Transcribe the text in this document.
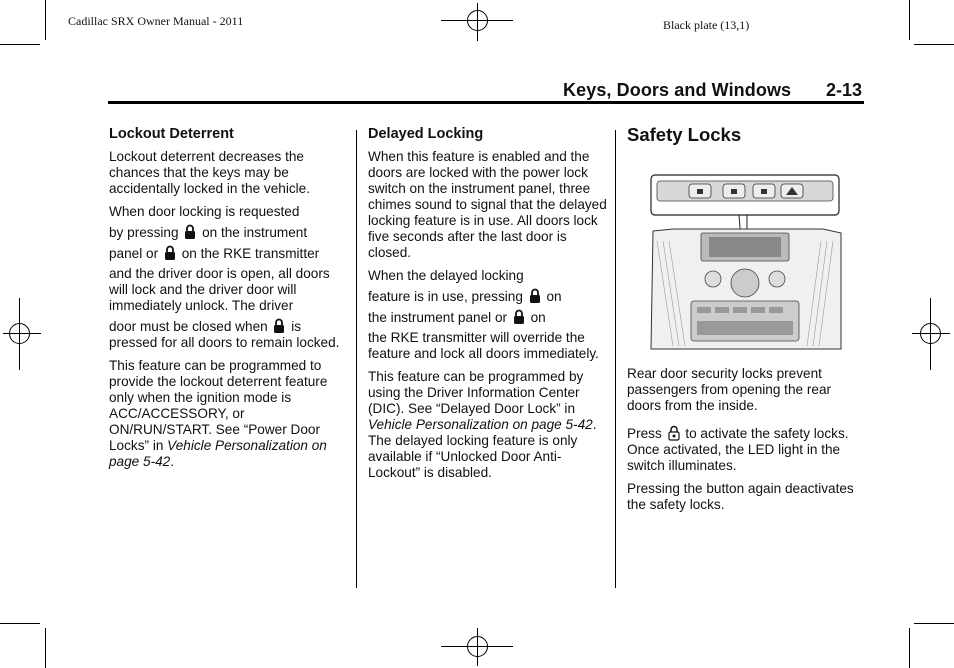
Cadillac SRX Owner Manual - 2011	Black plate (13,1)
Keys, Doors and Windows 2-13
Lockout Deterrent

Lockout deterrent decreases the chances that the keys may be accidentally locked in the vehicle.

When door locking is requested
by pressing on the instrument
panel or on the RKE transmitter
and the driver door is open, all doors will lock and the driver door will immediately unlock. The driver
door must be closed when is pressed for all doors to remain locked.

This feature can be programmed to provide the lockout deterrent feature only when the ignition mode is ACC/ACCESSORY, or ON/RUN/START. See “Power Door Locks” in Vehicle Personalization on page 5-42.

Delayed Locking

When this feature is enabled and the doors are locked with the power lock switch on the instrument panel, three chimes sound to signal that the delayed locking feature is in use. All doors lock five seconds after the last door is closed.

When the delayed locking
feature is in use, pressing on
the instrument panel or on
the RKE transmitter will override the feature and lock all doors immediately.

This feature can be programmed by using the Driver Information Center (DIC). See “Delayed Door Lock” in Vehicle Personalization on page 5-42. The delayed locking feature is only available if “Unlocked Door Anti-Lockout” is disabled.

Safety Locks

Rear door security locks prevent passengers from opening the rear doors from the inside.

Press to activate the safety locks. Once activated, the LED light in the switch illuminates.

Pressing the button again deactivates the safety locks.
